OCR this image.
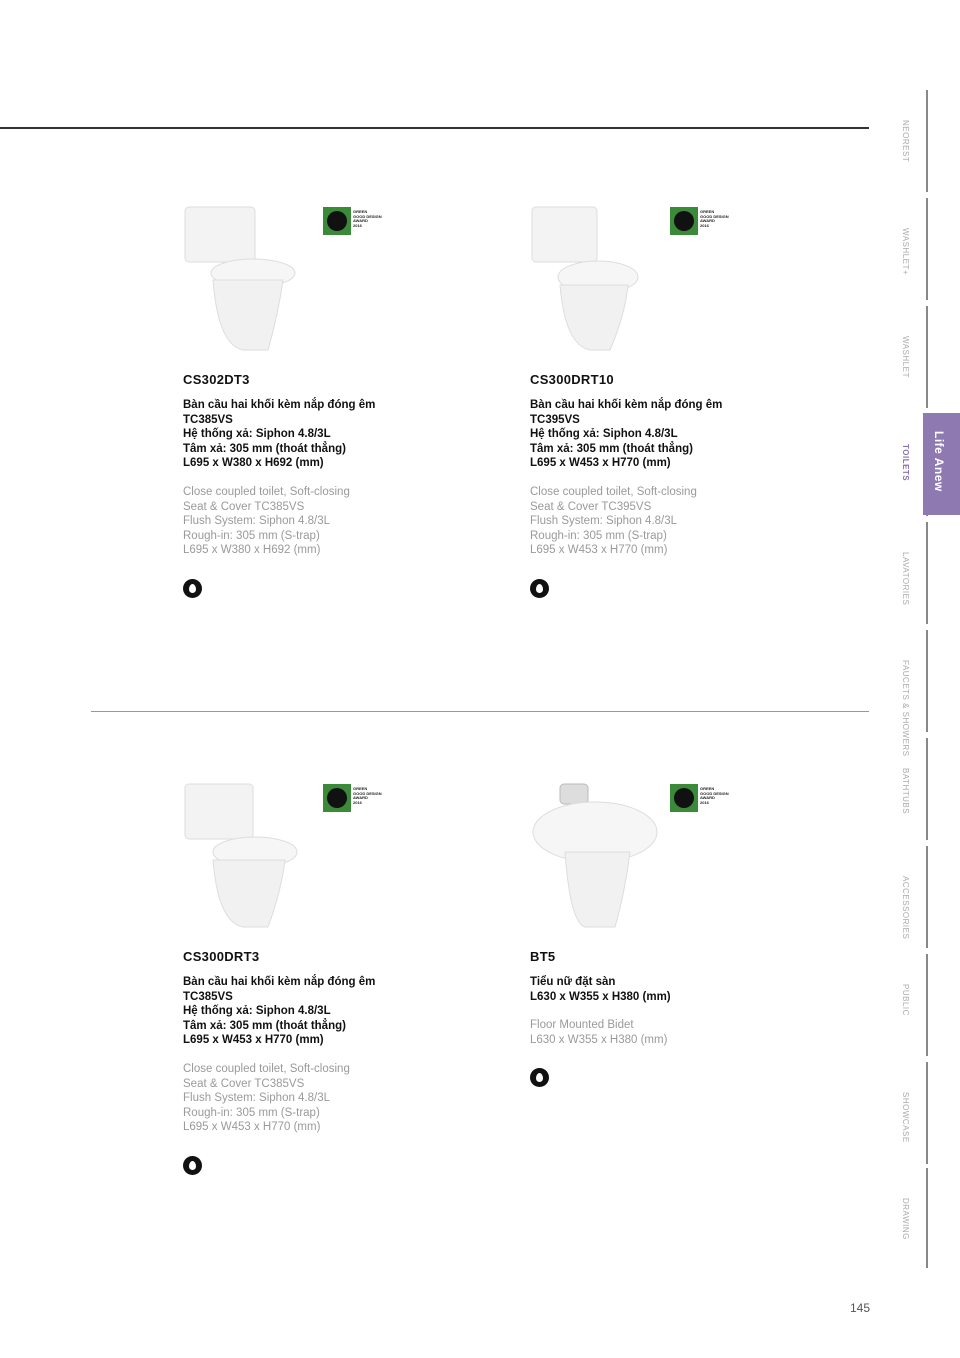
GREEN
GOOD DESIGN
AWARD
2016
CS302DT3
Bàn cầu hai khối kèm nắp đóng êm
TC385VS
Hệ thống xả: Siphon 4.8/3L
Tâm xả: 305 mm (thoát thẳng)
L695 x W380 x H692 (mm)
Close coupled toilet, Soft-closing
Seat & Cover TC385VS
Flush System: Siphon 4.8/3L
Rough-in: 305 mm (S-trap)
L695 x W380 x H692 (mm)
GREEN
GOOD DESIGN
AWARD
2016
CS300DRT10
Bàn cầu hai khối kèm nắp đóng êm
TC395VS
Hệ thống xả: Siphon 4.8/3L
Tâm xả: 305 mm (thoát thẳng)
L695 x W453 x H770 (mm)
Close coupled toilet, Soft-closing
Seat & Cover TC395VS
Flush System: Siphon 4.8/3L
Rough-in: 305 mm (S-trap)
L695 x W453 x H770 (mm)
GREEN
GOOD DESIGN
AWARD
2016
CS300DRT3
Bàn cầu hai khối kèm nắp đóng êm
TC385VS
Hệ thống xả: Siphon 4.8/3L
Tâm xả: 305 mm (thoát thẳng)
L695 x W453 x H770 (mm)
Close coupled toilet, Soft-closing
Seat & Cover TC385VS
Flush System: Siphon 4.8/3L
Rough-in: 305 mm (S-trap)
L695 x W453 x H770 (mm)
GREEN
GOOD DESIGN
AWARD
2016
BT5
Tiểu nữ đặt sàn
L630 x W355 x H380 (mm)
Floor Mounted Bidet
L630 x W355 x H380 (mm)
NEOREST
WASHLET+
WASHLET
TOILETS
LAVATORIES
FAUCETS & SHOWERS
BATHTUBS
ACCESSORIES
PUBLIC
SHOWCASE
DRAWING
Life Anew
145
